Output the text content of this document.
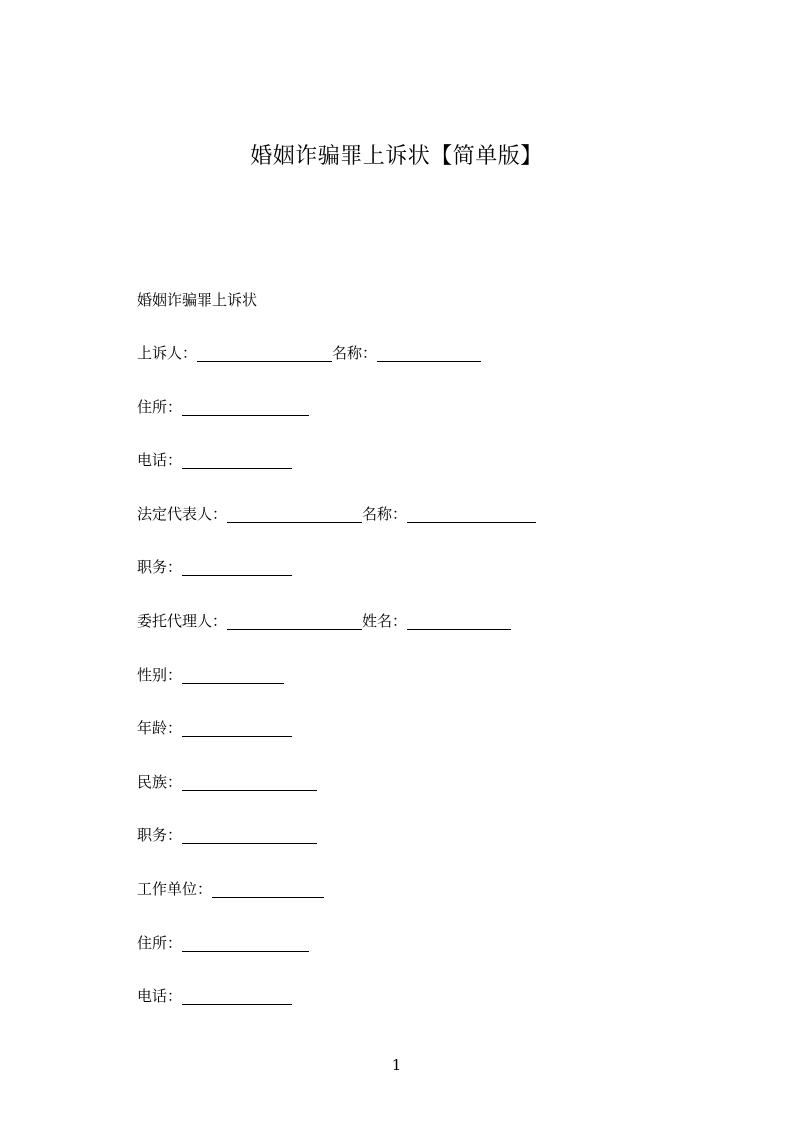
婚姻诈骗罪上诉状【简单版】
婚姻诈骗罪上诉状
上诉人：	名称：
住所：
电话：
法定代表人：	名称：
职务：
委托代理人：	姓名：
性别：
年龄：
民族：
职务：
工作单位：
住所：
电话：
1
